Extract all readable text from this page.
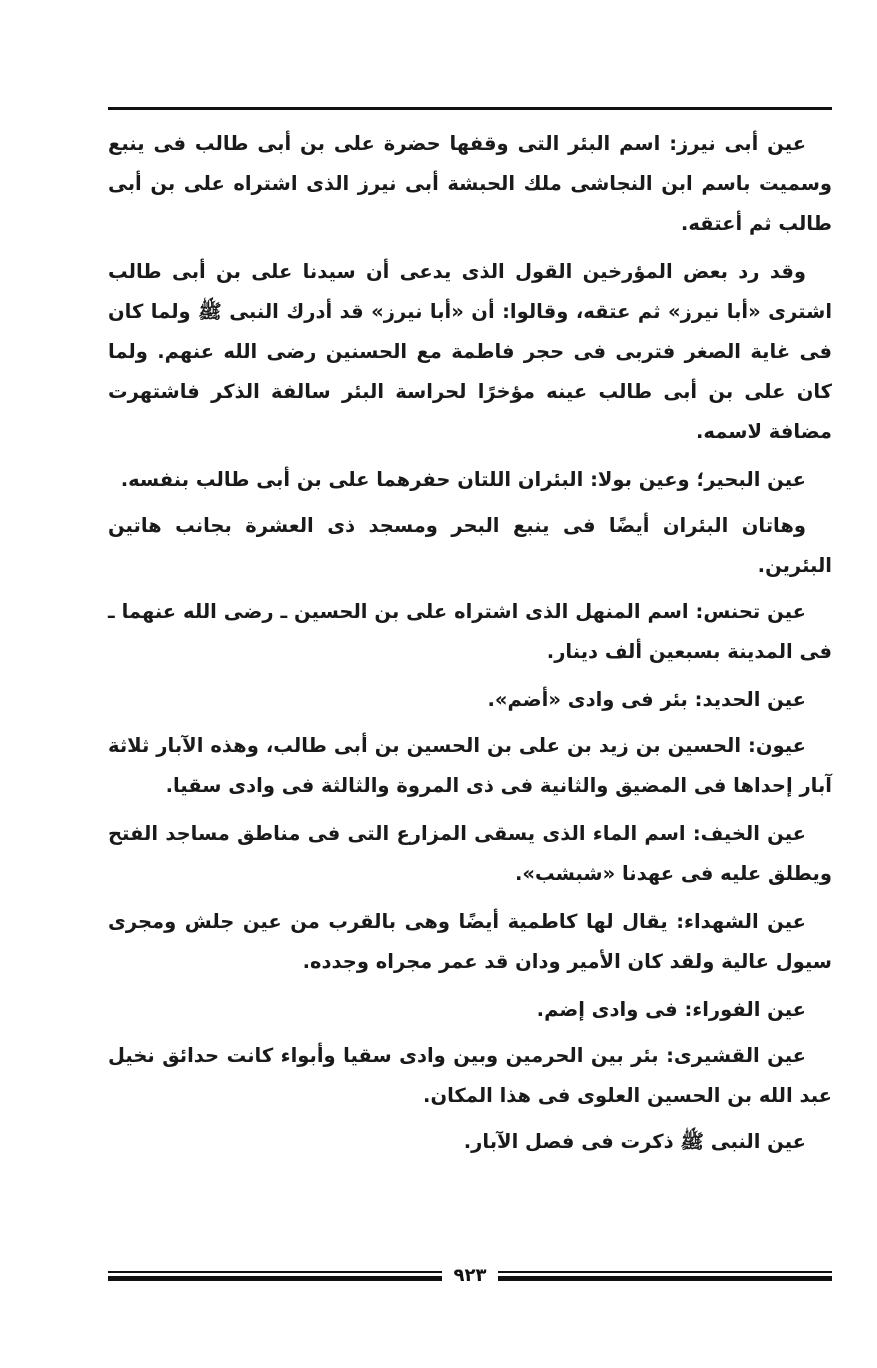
عين أبى نيرز: اسم البئر التى وقفها حضرة على بن أبى طالب فى ينبع وسميت باسم ابن النجاشى ملك الحبشة أبى نيرز الذى اشتراه على بن أبى طالب ثم أعتقه.

وقد رد بعض المؤرخين القول الذى يدعى أن سيدنا على بن أبى طالب اشترى «أبا نيرز» ثم عتقه، وقالوا: أن «أبا نيرز» قد أدرك النبى ﷺ ولما كان فى غاية الصغر فتربى فى حجر فاطمة مع الحسنين رضى الله عنهم. ولما كان على بن أبى طالب عينه مؤخرًا لحراسة البئر سالفة الذكر فاشتهرت مضافة لاسمه.

عين البحير؛ وعين بولا: البئران اللتان حفرهما على بن أبى طالب بنفسه.

وهاتان البئران أيضًا فى ينبع البحر ومسجد ذى العشرة بجانب هاتين البئرين.

عين تحنس: اسم المنهل الذى اشتراه على بن الحسين ـ رضى الله عنهما ـ فى المدينة بسبعين ألف دينار.

عين الحديد: بئر فى وادى «أضم».

عيون: الحسين بن زيد بن على بن الحسين بن أبى طالب، وهذه الآبار ثلاثة آبار إحداها فى المضيق والثانية فى ذى المروة والثالثة فى وادى سقيا.

عين الخيف: اسم الماء الذى يسقى المزارع التى فى مناطق مساجد الفتح ويطلق عليه فى عهدنا «شبشب».

عين الشهداء: يقال لها كاطمية أيضًا وهى بالقرب من عين جلش ومجرى سيول عالية ولقد كان الأمير ودان قد عمر مجراه وجدده.

عين الفوراء: فى وادى إضم.

عين القشيرى: بئر بين الحرمين وبين وادى سقيا وأبواء كانت حدائق نخيل عبد الله بن الحسين العلوى فى هذا المكان.

عين النبى ﷺ ذكرت فى فصل الآبار.

٩٢٣
